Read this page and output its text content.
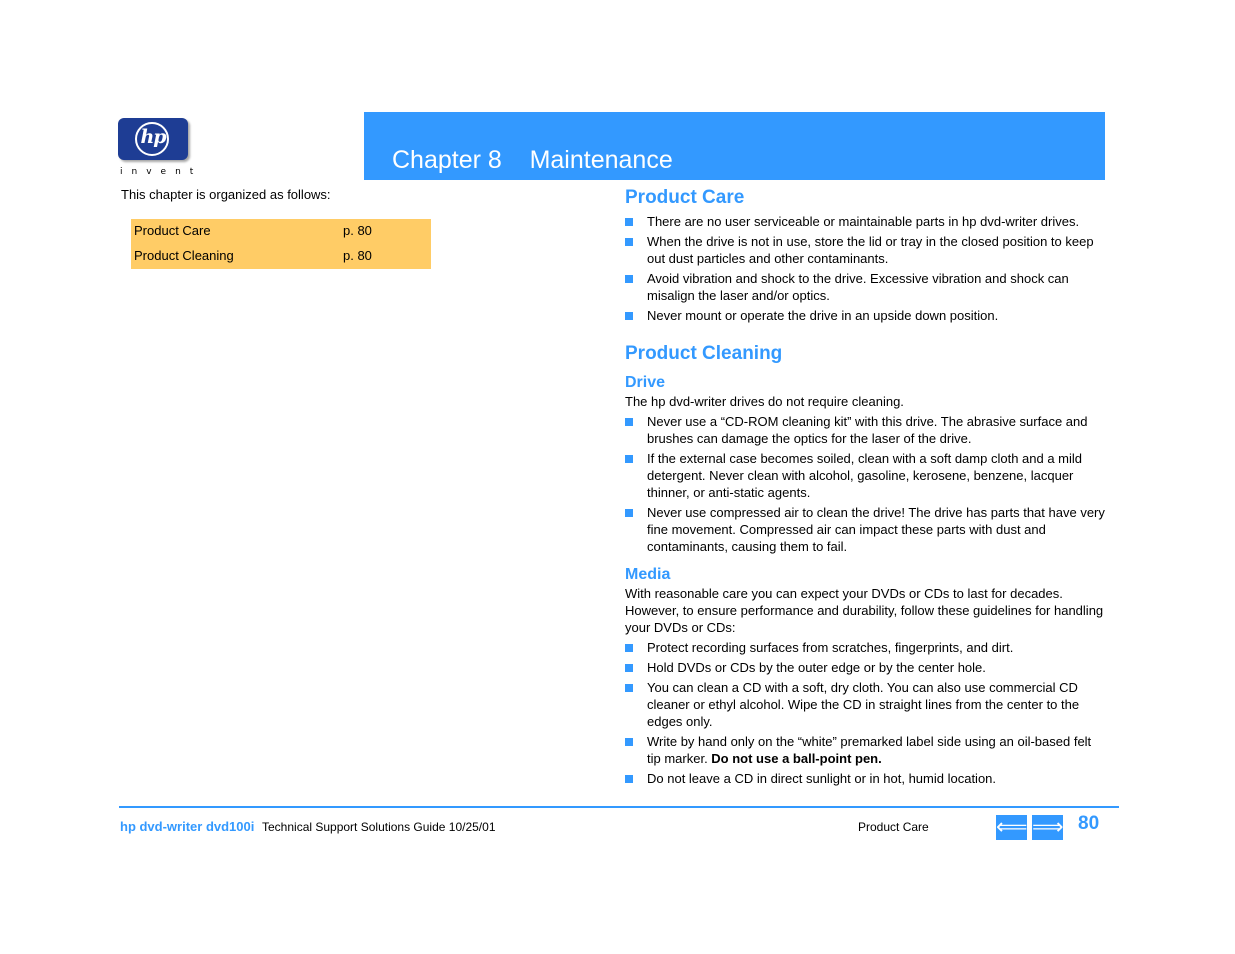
hp
invent	Chapter 8    Maintenance
This chapter is organized as follows:
Product Care	p. 80
Product Cleaning	p. 80
Product Care
There are no user serviceable or maintainable parts in hp dvd-writer drives.
When the drive is not in use, store the lid or tray in the closed position to keep out dust particles and other contaminants.
Avoid vibration and shock to the drive. Excessive vibration and shock can misalign the laser and/or optics.
Never mount or operate the drive in an upside down position.
Product Cleaning
Drive

The hp dvd-writer drives do not require cleaning.

Never use a “CD-ROM cleaning kit” with this drive. The abrasive surface and brushes can damage the optics for the laser of the drive.
If the external case becomes soiled, clean with a soft damp cloth and a mild detergent. Never clean with alcohol, gasoline, kerosene, benzene, lacquer thinner, or anti-static agents.
Never use compressed air to clean the drive! The drive has parts that have very fine movement. Compressed air can impact these parts with dust and contaminants, causing them to fail.
Media

With reasonable care you can expect your DVDs or CDs to last for decades. However, to ensure performance and durability, follow these guidelines for handling your DVDs or CDs:

Protect recording surfaces from scratches, fingerprints, and dirt.
Hold DVDs or CDs by the outer edge or by the center hole.
You can clean a CD with a soft, dry cloth. You can also use commercial CD cleaner or ethyl alcohol. Wipe the CD in straight lines from the center to the edges only.
Write by hand only on the “white” premarked label side using an oil-based felt tip marker. Do not use a ball-point pen.
Do not leave a CD in direct sunlight or in hot, humid location.
hp dvd-writer dvd100i Technical Support Solutions Guide 10/25/01	Product Care	⟸ ⟹ 80
